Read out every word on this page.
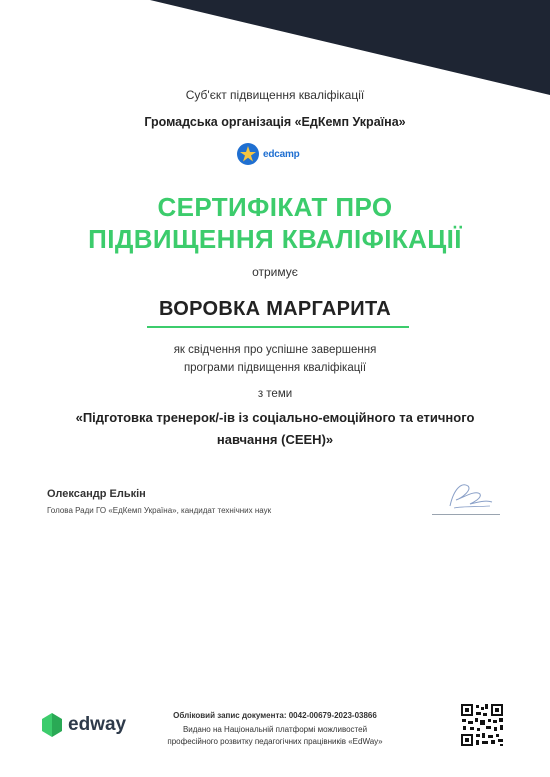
Суб'єкт підвищення кваліфікації
Громадська організація «ЕдКемп Україна»
edcamp
СЕРТИФІКАТ ПРО
ПІДВИЩЕННЯ КВАЛІФІКАЦІЇ
отримує
ВОРОВКА МАРГАРИТА
як свідчення про успішне завершення
програми підвищення кваліфікації
з теми
«Підготовка тренерок/-ів із соціально-емоційного та етичного
навчання (СЕЕН)»
Олександр Елькін
Голова Ради ГО «ЕдКемп Україна», кандидат технічних наук
edway	Обліковий запис документа: 0042-00679-2023-03866
Видано на Національній платформі можливостей
професійного розвитку педагогічних працівників «EdWay»
